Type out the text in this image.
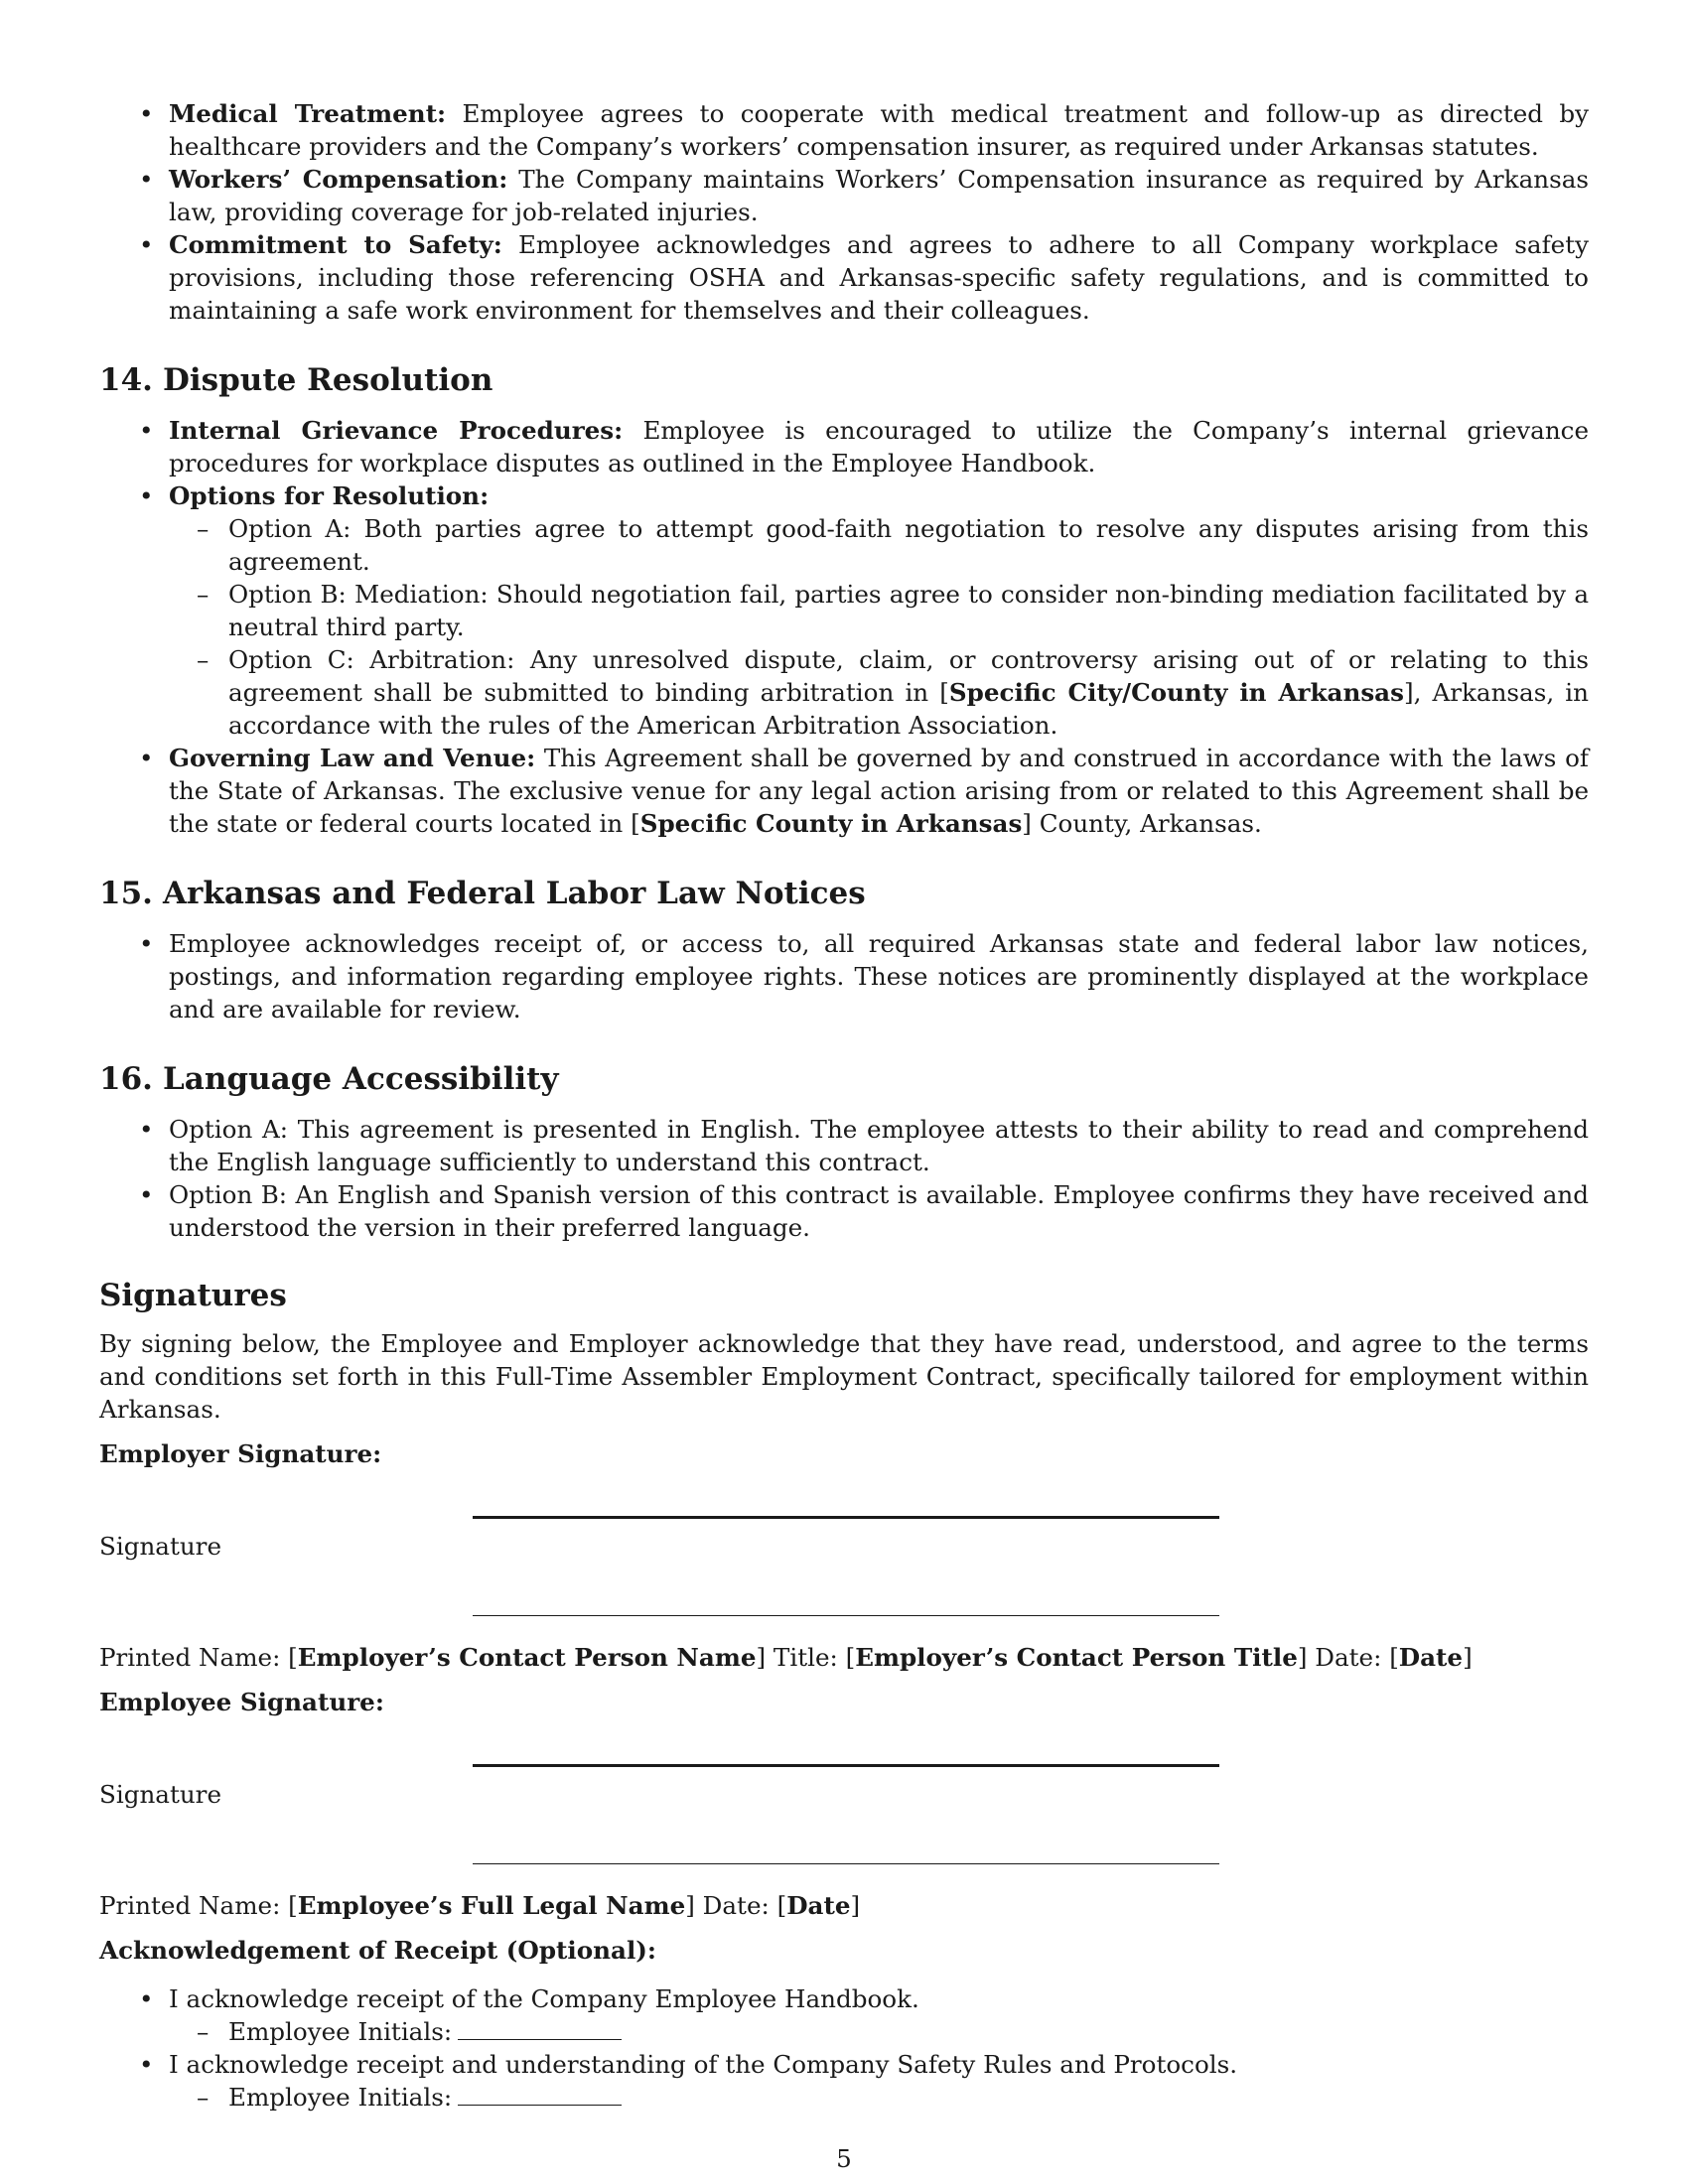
• Medical Treatment: Employee agrees to cooperate with medical treatment and follow-up as directed by healthcare providers and the Company’s workers’ compensation insurer, as required under Arkansas statutes.
• Workers’ Compensation: The Company maintains Workers’ Compensation insurance as required by Arkansas law, providing coverage for job-related injuries.
• Commitment to Safety: Employee acknowledges and agrees to adhere to all Company workplace safety provisions, including those referencing OSHA and Arkansas-specific safety regulations, and is committed to maintaining a safe work environment for themselves and their colleagues.
14. Dispute Resolution
• Internal Grievance Procedures: Employee is encouraged to utilize the Company’s internal grievance procedures for workplace disputes as outlined in the Employee Handbook.
• Options for Resolution:
– Option A: Both parties agree to attempt good-faith negotiation to resolve any disputes arising from this agreement.
– Option B: Mediation: Should negotiation fail, parties agree to consider non-binding mediation facilitated by a neutral third party.
– Option C: Arbitration: Any unresolved dispute, claim, or controversy arising out of or relating to this agreement shall be submitted to binding arbitration in [Specific City/County in Arkansas], Arkansas, in accordance with the rules of the American Arbitration Association.
• Governing Law and Venue: This Agreement shall be governed by and construed in accordance with the laws of the State of Arkansas. The exclusive venue for any legal action arising from or related to this Agreement shall be the state or federal courts located in [Specific County in Arkansas] County, Arkansas.
15. Arkansas and Federal Labor Law Notices
• Employee acknowledges receipt of, or access to, all required Arkansas state and federal labor law notices, postings, and information regarding employee rights. These notices are prominently displayed at the workplace and are available for review.
16. Language Accessibility
• Option A: This agreement is presented in English. The employee attests to their ability to read and comprehend the English language sufficiently to understand this contract.
• Option B: An English and Spanish version of this contract is available. Employee confirms they have received and understood the version in their preferred language.
Signatures
By signing below, the Employee and Employer acknowledge that they have read, understood, and agree to the terms and conditions set forth in this Full-Time Assembler Employment Contract, specifically tailored for employment within Arkansas.
Employer Signature:
Signature
Printed Name: [Employer’s Contact Person Name] Title: [Employer’s Contact Person Title] Date: [Date]
Employee Signature:
Signature
Printed Name: [Employee’s Full Legal Name] Date: [Date]
Acknowledgement of Receipt (Optional):
• I acknowledge receipt of the Company Employee Handbook.
– Employee Initials:
• I acknowledge receipt and understanding of the Company Safety Rules and Protocols.
– Employee Initials:
5
